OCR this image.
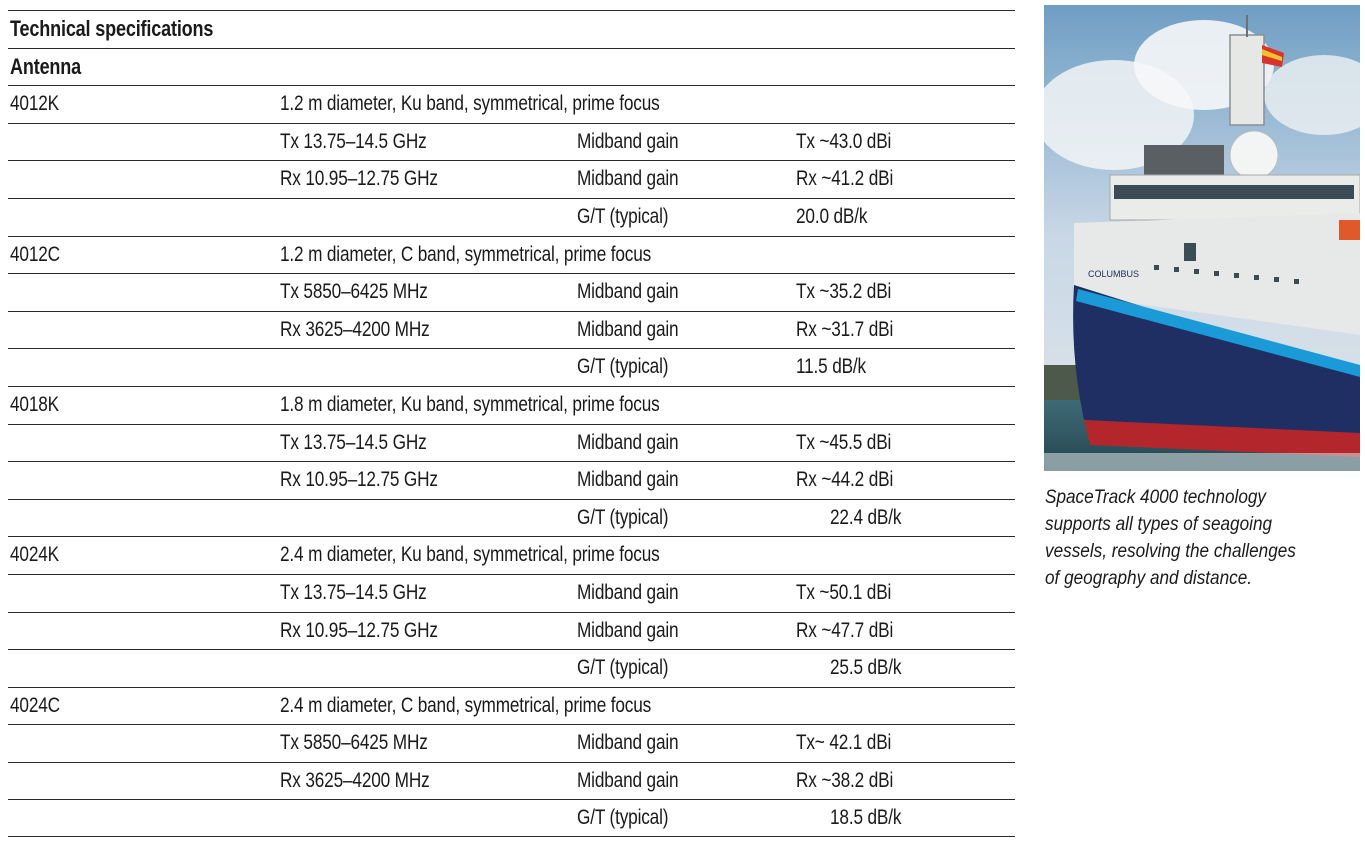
Technical specifications
Antenna
4012K	1.2 m diameter, Ku band, symmetrical, prime focus
Tx 13.75–14.5 GHz	Midband gain	Tx ~43.0 dBi
Rx 10.95–12.75 GHz	Midband gain	Rx ~41.2 dBi
G/T (typical)	20.0 dB/k
4012C	1.2 m diameter, C band, symmetrical, prime focus
Tx 5850–6425 MHz	Midband gain	Tx ~35.2 dBi
Rx 3625–4200 MHz	Midband gain	Rx ~31.7 dBi
G/T (typical)	11.5 dB/k
4018K	1.8 m diameter, Ku band, symmetrical, prime focus
Tx 13.75–14.5 GHz	Midband gain	Tx ~45.5 dBi
Rx 10.95–12.75 GHz	Midband gain	Rx ~44.2 dBi
G/T (typical)	22.4 dB/k
4024K	2.4 m diameter, Ku band, symmetrical, prime focus
Tx 13.75–14.5 GHz	Midband gain	Tx ~50.1 dBi
Rx 10.95–12.75 GHz	Midband gain	Rx ~47.7 dBi
G/T (typical)	25.5 dB/k
4024C	2.4 m diameter, C band, symmetrical, prime focus
Tx 5850–6425 MHz	Midband gain	Tx~ 42.1 dBi
Rx 3625–4200 MHz	Midband gain	Rx ~38.2 dBi
G/T (typical)	18.5 dB/k
COLUMBUS
SpaceTrack 4000 technology
supports all types of seagoing
vessels, resolving the challenges
of geography and distance.
